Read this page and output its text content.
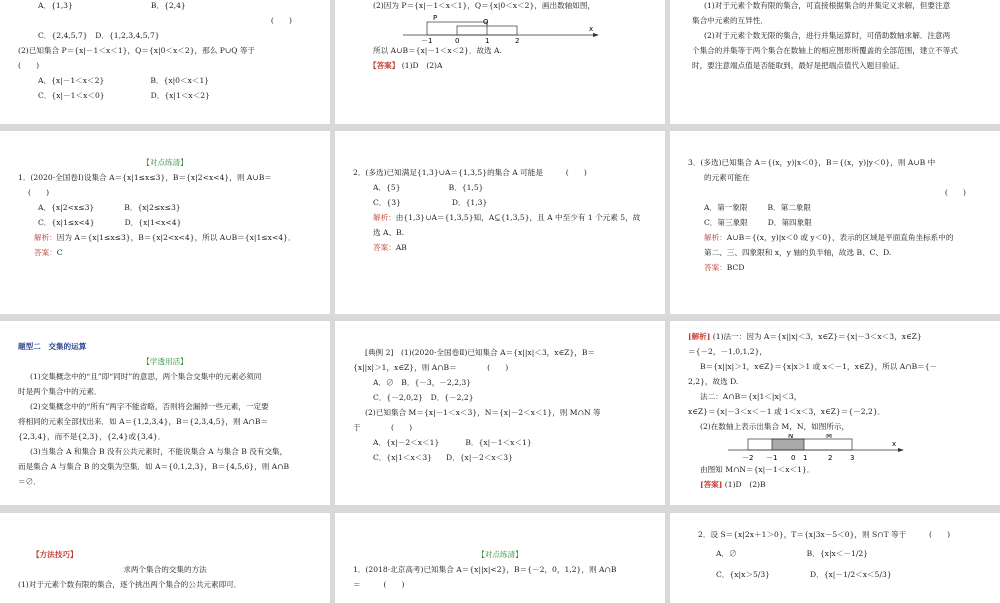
A．{1,3}	B．{2,4}
(　　)
C．{2,4,5,7}　D．{1,2,3,4,5,7}
(2)已知集合 P＝{x|－1＜x＜1}，Q＝{x|0＜x＜2}，那么 P∪Q 等于
(　　)
A．{x|－1＜x＜2}	B．{x|0＜x＜1}
C．{x|－1＜x＜0}	D．{x|1＜x＜2}
(2)因为 P＝{x|－1＜x＜1}，Q＝{x|0＜x＜2}，画出数轴如图，
P	Q
－1	0	1	2
x
所以 A∪B＝{x|－1＜x＜2}．故选 A.
【答案】 (1)D　(2)A
(1)对于元素个数有限的集合，可直接根据集合的并集定义求解，但要注意
集合中元素的互异性．
(2)对于元素个数无限的集合，进行并集运算时，可借助数轴求解．注意两
个集合的并集等于两个集合在数轴上的相应图形所覆盖的全部范围，建立不等式
时，要注意端点值是否能取到，最好是把端点值代入题目验证．
【对点练清】
1．(2020·全国卷Ⅰ)设集合 A＝{x|1≤x≤3}，B＝{x|2<x<4}，则 A∪B＝
(　　)
A．{x|2<x≤3}	B．{x|2≤x≤3}
C．{x|1≤x<4}	D．{x|1<x<4}
解析：因为 A＝{x|1≤x≤3}，B＝{x|2<x<4}，所以 A∪B＝{x|1≤x<4}．
答案：C
2．(多选)已知满足{1,3}∪A＝{1,3,5}的集合 A 可能是　　　(　　)
A．{5}	B．{1,5}
C．{3}	D．{1,3}
解析：由{1,3}∪A＝{1,3,5}知，A⊆{1,3,5}，且 A 中至少有 1 个元素 5，故
选 A、B.
答案：AB
3．(多选)已知集合 A＝{(x，y)|x＜0}，B＝{(x，y)|y＜0}，则 A∪B 中
的元素可能在
(　　)
A．第一象限	B．第二象限
C．第三象限	D．第四象限
解析：A∪B＝{(x，y)|x＜0 或 y＜0}，表示的区域是平面直角坐标系中的
第二、三、四象限和 x，y 轴的负半轴，故选 B、C、D.
答案：BCD
题型二　交集的运算
【学透用活】
(1)交集概念中的“且”即“同时”的意思，两个集合交集中的元素必须同
时是两个集合中的元素．
(2)交集概念中的“所有”两字不能省略，否则将会漏掉一些元素，一定要
将相同的元素全部找出来．如 A＝{1,2,3,4}，B＝{2,3,4,5}，则 A∩B＝
{2,3,4}，而不是{2,3}，{2,4}或{3,4}．
(3)当集合 A 和集合 B 没有公共元素时，不能说集合 A 与集合 B 没有交集，
而是集合 A 与集合 B 的交集为空集．如 A＝{0,1,2,3}，B＝{4,5,6}，则 A∩B
＝∅．
[典例 2]　(1)(2020·全国卷Ⅱ)已知集合 A＝{x||x|＜3，x∈Z}，B＝
{x||x|＞1，x∈Z}，则 A∩B＝　　　　(　　)
A．∅　B．{－3，－2,2,3}
C．{－2,0,2}　D．{－2,2}
(2)已知集合 M＝{x|－1＜x＜3}，N＝{x|－2＜x＜1}，则 M∩N 等
于　　　　(　　)
A．{x|－2＜x＜1}	B．{x|－1＜x＜1}
C．{x|1＜x＜3} D．{x|－2＜x＜3}
[解析] (1)法一：因为 A＝{x||x|＜3，x∈Z}＝{x|－3＜x＜3，x∈Z}
＝{－2，－1,0,1,2}，
B＝{x||x|＞1，x∈Z}＝{x|x＞1 或 x＜－1，x∈Z}，所以 A∩B＝{－
2,2}，故选 D.
法二：A∩B＝{x|1＜|x|＜3，
x∈Z}＝{x|－3＜x＜－1 或 1＜x＜3，x∈Z}＝{－2,2}．
(2)在数轴上表示出集合 M，N，如图所示，
N	M
－2 －1 0 1	2	3
x
由图知 M∩N＝{x|－1＜x＜1}．
[答案] (1)D　(2)B
【方法技巧】
求两个集合的交集的方法
(1)对于元素个数有限的集合，逐个挑出两个集合的公共元素即可．
【对点练清】
1．(2018·北京高考)已知集合 A＝{x||x|<2}，B＝{－2，0，1,2}，则 A∩B
＝　　　(　　)
2．设 S＝{x|2x＋1＞0}，T＝{x|3x－5＜0}，则 S∩T 等于　　　(　　)
A．∅	B．{x|x＜－1/2}
C．{x|x＞5/3}	D．{x|－1/2＜x＜5/3}
